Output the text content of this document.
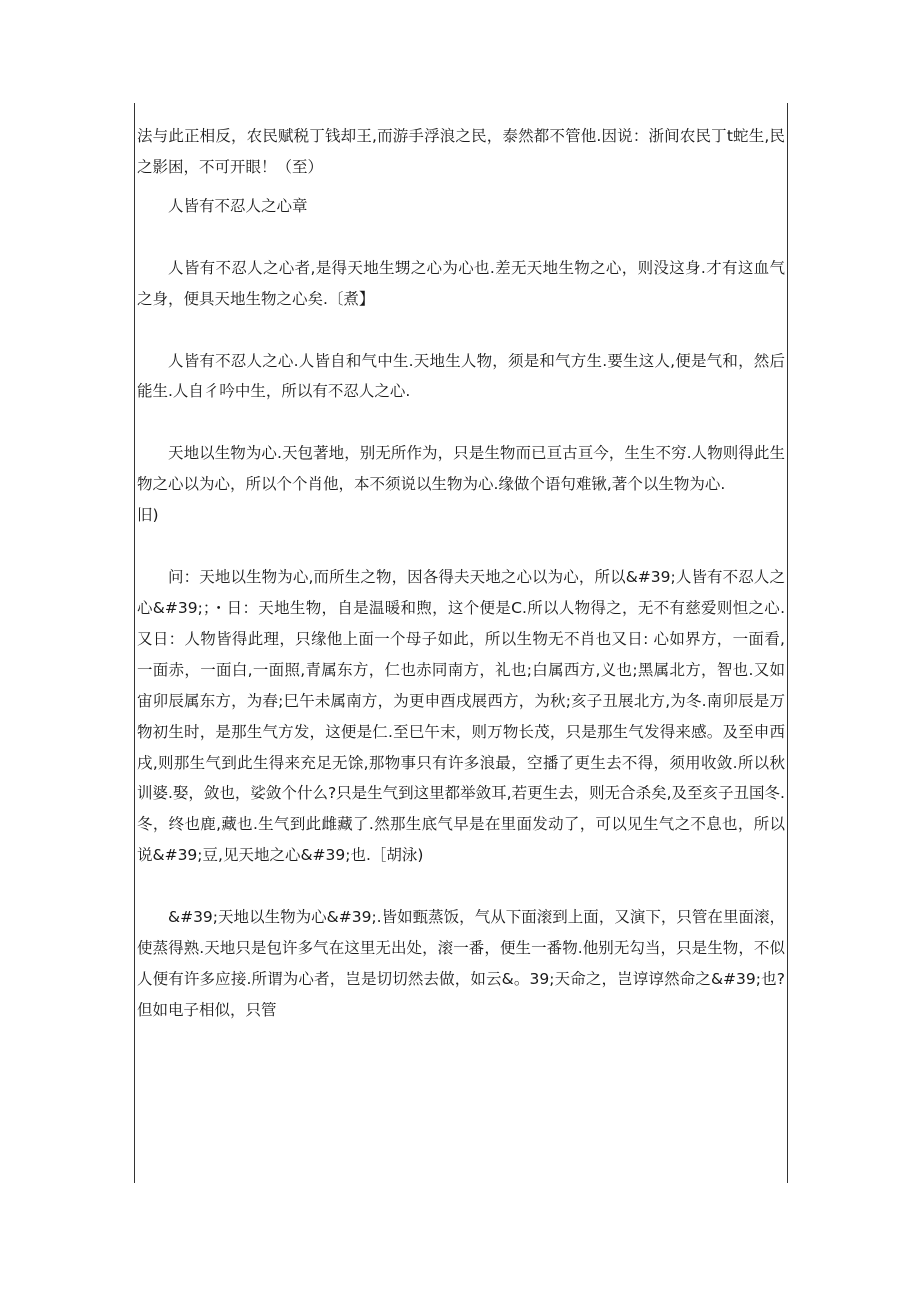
法与此正相反，农民赋税丁钱却王,而游手浮浪之民，泰然都不管他.因说：浙间农民丁t蛇生,民之影困，不可开眼！（至）

人皆有不忍人之心章

人皆有不忍人之心者,是得天地生甥之心为心也.差无天地生物之心，则没这身.才有这血气之身，便具天地生物之心矣.〔煮】

人皆有不忍人之心.人皆自和气中生.天地生人物，须是和气方生.要生这人,便是气和，然后能生.人自彳吟中生，所以有不忍人之心.

天地以生物为心.天包著地，别无所作为，只是生物而已亘古亘今，生生不穷.人物则得此生物之心以为心，所以个个肖他，本不须说以生物为心.缘做个语句难锹,著个以生物为心.

旧)

问：天地以生物为心,而所生之物，因各得夫天地之心以为心，所以&#39;人皆有不忍人之心&#39;；・日：天地生物，自是温暖和煦，这个便是C.所以人物得之，无不有慈爱则怛之心.又日：人物皆得此理，只缘他上面一个母子如此，所以生物无不肖也又日: 心如界方，一面看,一面赤，一面白,一面照,青属东方，仁也赤同南方，礼也;白属西方,义也;黑属北方，智也.又如宙卯辰属东方，为春;巳午未属南方，为更申酉戌展西方，为秋;亥子丑展北方,为冬.南卯辰是万物初生时，是那生气方发，这便是仁.至巳午末，则万物长茂，只是那生气发得来感。及至申西戌,则那生气到此生得来充足无馀,那物事只有许多浪最，空播了更生去不得，须用收敛.所以秋训婆.娶，敛也，娑敛个什么?只是生气到这里都举敛耳,若更生去，则无合杀矣,及至亥子丑国冬.冬，终也鹿,藏也.生气到此雌藏了.然那生底气早是在里面发动了，可以见生气之不息也，所以说&#39;豆,见天地之心&#39;也.［胡泳)

&#39;天地以生物为心&#39;.皆如甄蒸饭，气从下面滚到上面，又演下，只管在里面滚，使蒸得熟.天地只是包许多气在这里无出处，滚一番，便生一番物.他别无勾当，只是生物，不似人便有许多应接.所谓为心者，岂是切切然去做，如云&。39;天命之，岂谆谆然命之&#39;也?但如电子相似，只管
